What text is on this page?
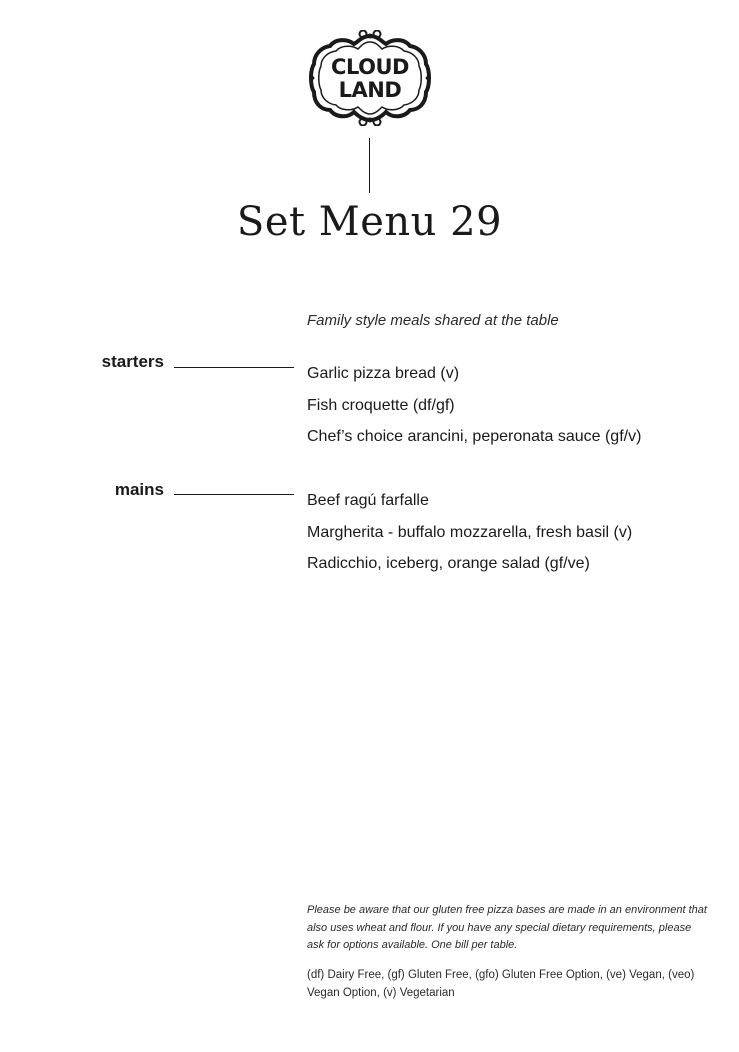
CLOUD
LAND
Set Menu 29
Family style meals shared at the table
starters
Garlic pizza bread (v)
Fish croquette (df/gf)
Chef’s choice arancini, peperonata sauce (gf/v)
mains
Beef ragú farfalle
Margherita - buffalo mozzarella, fresh basil (v)
Radicchio, iceberg, orange salad (gf/ve)

Please be aware that our gluten free pizza bases are made in an environment that also uses wheat and flour. If you have any special dietary requirements, please ask for options available. One bill per table.

(df) Dairy Free, (gf) Gluten Free, (gfo) Gluten Free Option, (ve) Vegan, (veo) Vegan Option, (v) Vegetarian
